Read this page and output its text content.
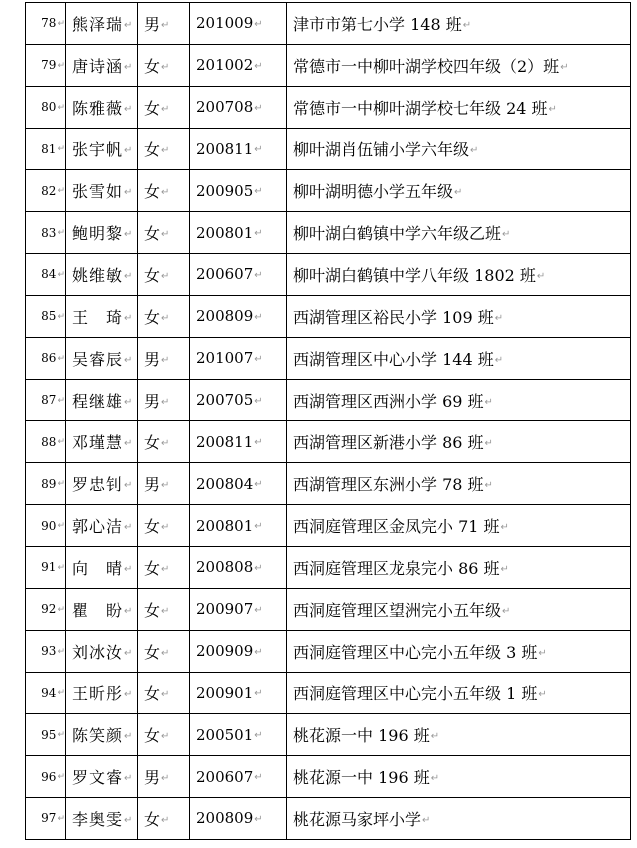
78↵	熊泽瑞↵	男↵	201009↵	津市市第七小学 148 班↵
79↵	唐诗涵↵	女↵	201002↵	常德市一中柳叶湖学校四年级（2）班↵
80↵	陈雅薇↵	女↵	200708↵	常德市一中柳叶湖学校七年级 24 班↵
81↵	张宇帆↵	女↵	200811↵	柳叶湖肖伍铺小学六年级↵
82↵	张雪如↵	女↵	200905↵	柳叶湖明德小学五年级↵
83↵	鲍明黎↵	女↵	200801↵	柳叶湖白鹤镇中学六年级乙班↵
84↵	姚维敏↵	女↵	200607↵	柳叶湖白鹤镇中学八年级 1802 班↵
85↵	王　琦↵	女↵	200809↵	西湖管理区裕民小学 109 班↵
86↵	吴睿辰↵	男↵	201007↵	西湖管理区中心小学 144 班↵
87↵	程继雄↵	男↵	200705↵	西湖管理区西洲小学 69 班↵
88↵	邓瑾慧↵	女↵	200811↵	西湖管理区新港小学 86 班↵
89↵	罗忠钊↵	男↵	200804↵	西湖管理区东洲小学 78 班↵
90↵	郭心洁↵	女↵	200801↵	西洞庭管理区金凤完小 71 班↵
91↵	向　晴↵	女↵	200808↵	西洞庭管理区龙泉完小 86 班↵
92↵	瞿　盼↵	女↵	200907↵	西洞庭管理区望洲完小五年级↵
93↵	刘冰汝↵	女↵	200909↵	西洞庭管理区中心完小五年级 3 班↵
94↵	王昕彤↵	女↵	200901↵	西洞庭管理区中心完小五年级 1 班↵
95↵	陈笑颜↵	女↵	200501↵	桃花源一中 196 班↵
96↵	罗文睿↵	男↵	200607↵	桃花源一中 196 班↵
97↵	李奥雯↵	女↵	200809↵	桃花源马家坪小学↵
